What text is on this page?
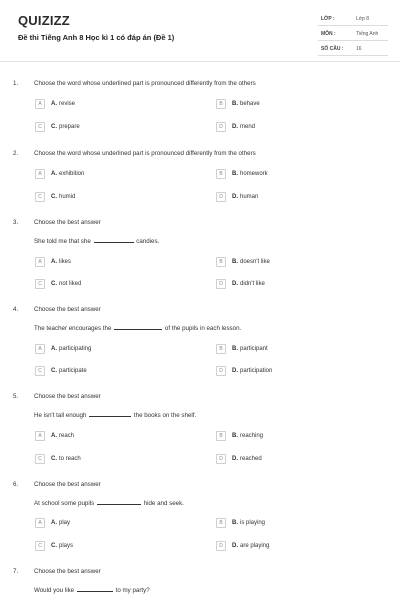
QUIZIZZ
Đề thi Tiếng Anh 8 Học kì 1 có đáp án (Đề 1)
LỚP :	Lớp 8
MÔN :	Tiếng Anh
SỐ CÂU :	16
1.	Choose the word whose underlined part is pronounced differently from the others
A	A. revise	B	B. behave
C	C. prepare	D	D. mend
2.	Choose the word whose underlined part is pronounced differently from the others
A	A. exhibition	B	B. homework
C	C. humid	D	D. human
3.	Choose the best answer
She told me that she	candies.
A	A. likes	B	B. doesn't like
C	C. not liked	D	D. didn't like
4.	Choose the best answer
The teacher encourages the	of the pupils in each lesson.
A	A. participating	B	B. participant
C	C. participate	D	D. participation
5.	Choose the best answer
He isn't tall enough	the books on the shelf.
A	A. reach	B	B. reaching
C	C. to reach	D	D. reached
6.	Choose the best answer
At school some pupils	hide and seek.
A	A. play	B	B. is playing
C	C. plays	D	D. are playing
7.	Choose the best answer
Would you like	to my party?
